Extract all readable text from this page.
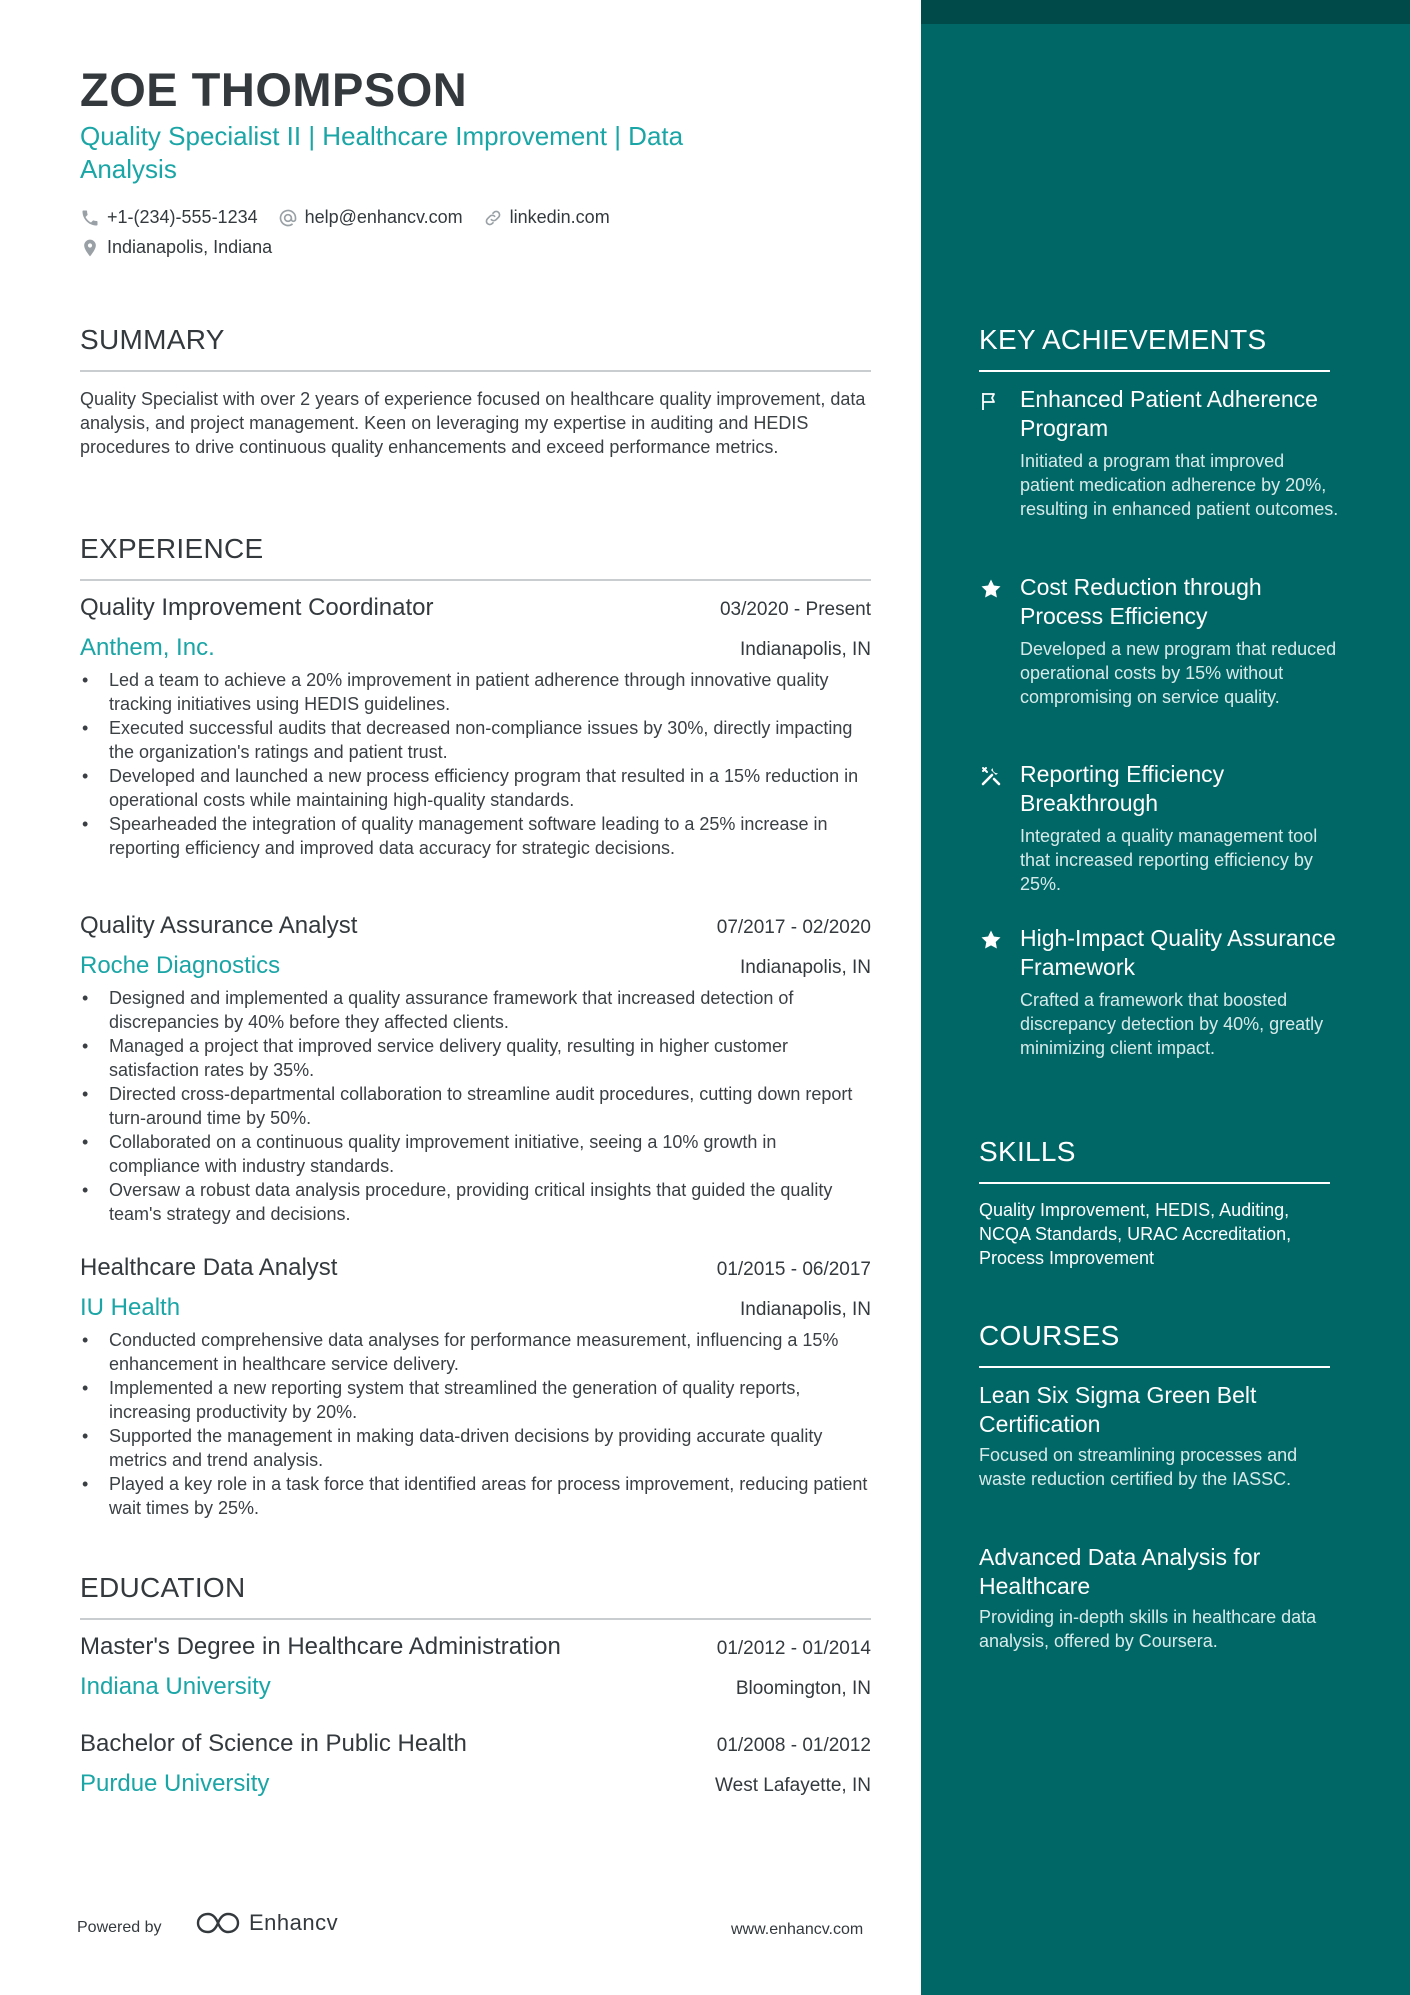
ZOE THOMPSON

Quality Specialist II | Healthcare Improvement | Data Analysis

+1-(234)-555-1234	help@enhancv.com	linkedin.com
Indianapolis, Indiana
SUMMARY

Quality Specialist with over 2 years of experience focused on healthcare quality improvement, data analysis, and project management. Keen on leveraging my expertise in auditing and HEDIS procedures to drive continuous quality enhancements and exceed performance metrics.

EXPERIENCE
Quality Improvement Coordinator	03/2020 - Present
Anthem, Inc.	Indianapolis, IN
• Led a team to achieve a 20% improvement in patient adherence through innovative quality tracking initiatives using HEDIS guidelines.
• Executed successful audits that decreased non-compliance issues by 30%, directly impacting the organization's ratings and patient trust.
• Developed and launched a new process efficiency program that resulted in a 15% reduction in operational costs while maintaining high-quality standards.
• Spearheaded the integration of quality management software leading to a 25% increase in reporting efficiency and improved data accuracy for strategic decisions.
Quality Assurance Analyst	07/2017 - 02/2020
Roche Diagnostics	Indianapolis, IN
• Designed and implemented a quality assurance framework that increased detection of discrepancies by 40% before they affected clients.
• Managed a project that improved service delivery quality, resulting in higher customer satisfaction rates by 35%.
• Directed cross-departmental collaboration to streamline audit procedures, cutting down report turn-around time by 50%.
• Collaborated on a continuous quality improvement initiative, seeing a 10% growth in compliance with industry standards.
• Oversaw a robust data analysis procedure, providing critical insights that guided the quality team's strategy and decisions.
Healthcare Data Analyst	01/2015 - 06/2017
IU Health	Indianapolis, IN
• Conducted comprehensive data analyses for performance measurement, influencing a 15% enhancement in healthcare service delivery.
• Implemented a new reporting system that streamlined the generation of quality reports, increasing productivity by 20%.
• Supported the management in making data-driven decisions by providing accurate quality metrics and trend analysis.
• Played a key role in a task force that identified areas for process improvement, reducing patient wait times by 25%.
EDUCATION
Master's Degree in Healthcare Administration	01/2012 - 01/2014
Indiana University	Bloomington, IN
Bachelor of Science in Public Health	01/2008 - 01/2012
Purdue University	West Lafayette, IN
KEY ACHIEVEMENTS
Enhanced Patient Adherence Program
Initiated a program that improved patient medication adherence by 20%, resulting in enhanced patient outcomes.
Cost Reduction through Process Efficiency
Developed a new program that reduced operational costs by 15% without compromising on service quality.
Reporting Efficiency Breakthrough
Integrated a quality management tool that increased reporting efficiency by 25%.
High-Impact Quality Assurance Framework
Crafted a framework that boosted discrepancy detection by 40%, greatly minimizing client impact.
SKILLS

Quality Improvement, HEDIS, Auditing, NCQA Standards, URAC Accreditation, Process Improvement

COURSES
Lean Six Sigma Green Belt Certification
Focused on streamlining processes and waste reduction certified by the IASSC.
Advanced Data Analysis for Healthcare
Providing in-depth skills in healthcare data analysis, offered by Coursera.
Powered by	Enhancv	www.enhancv.com
